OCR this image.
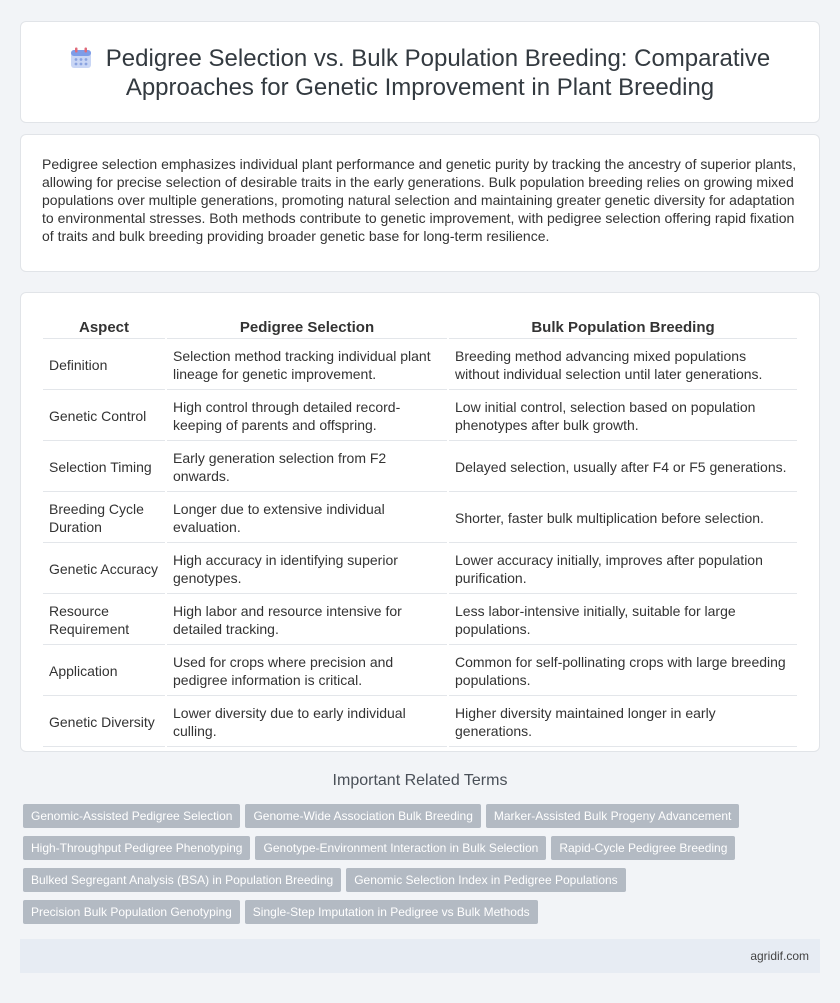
Pedigree Selection vs. Bulk Population Breeding: Comparative Approaches for Genetic Improvement in Plant Breeding

Pedigree selection emphasizes individual plant performance and genetic purity by tracking the ancestry of superior plants, allowing for precise selection of desirable traits in the early generations. Bulk population breeding relies on growing mixed populations over multiple generations, promoting natural selection and maintaining greater genetic diversity for adaptation to environmental stresses. Both methods contribute to genetic improvement, with pedigree selection offering rapid fixation of traits and bulk breeding providing broader genetic base for long-term resilience.

Aspect	Pedigree Selection	Bulk Population Breeding
Definition	Selection method tracking individual plant lineage for genetic improvement.	Breeding method advancing mixed populations without individual selection until later generations.
Genetic Control	High control through detailed record-keeping of parents and offspring.	Low initial control, selection based on population phenotypes after bulk growth.
Selection Timing	Early generation selection from F2 onwards.	Delayed selection, usually after F4 or F5 generations.
Breeding Cycle Duration	Longer due to extensive individual evaluation.	Shorter, faster bulk multiplication before selection.
Genetic Accuracy	High accuracy in identifying superior genotypes.	Lower accuracy initially, improves after population purification.
Resource Requirement	High labor and resource intensive for detailed tracking.	Less labor-intensive initially, suitable for large populations.
Application	Used for crops where precision and pedigree information is critical.	Common for self-pollinating crops with large breeding populations.
Genetic Diversity	Lower diversity due to early individual culling.	Higher diversity maintained longer in early generations.
Important Related Terms
Genomic-Assisted Pedigree Selection Genome-Wide Association Bulk Breeding Marker-Assisted Bulk Progeny Advancement
High-Throughput Pedigree Phenotyping Genotype-Environment Interaction in Bulk Selection Rapid-Cycle Pedigree Breeding
Bulked Segregant Analysis (BSA) in Population Breeding Genomic Selection Index in Pedigree Populations
Precision Bulk Population Genotyping Single-Step Imputation in Pedigree vs Bulk Methods
agridif.com
